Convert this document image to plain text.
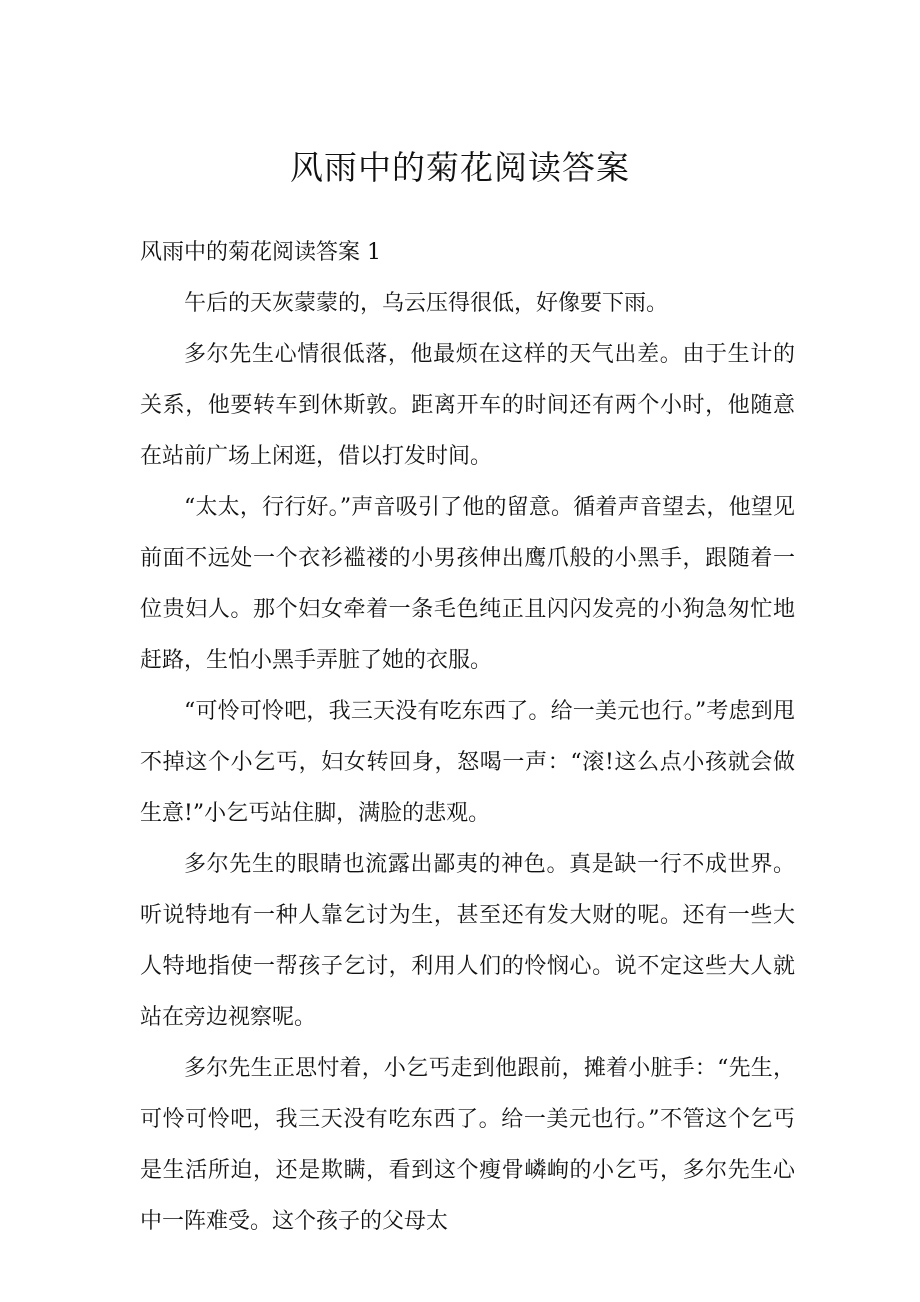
风雨中的菊花阅读答案

风雨中的菊花阅读答案 1

午后的天灰蒙蒙的，乌云压得很低，好像要下雨。

多尔先生心情很低落，他最烦在这样的天气出差。由于生计的关系，他要转车到休斯敦。距离开车的时间还有两个小时，他随意在站前广场上闲逛，借以打发时间。

“太太，行行好。”声音吸引了他的留意。循着声音望去，他望见前面不远处一个衣衫褴褛的小男孩伸出鹰爪般的小黑手，跟随着一位贵妇人。那个妇女牵着一条毛色纯正且闪闪发亮的小狗急匆忙地赶路，生怕小黑手弄脏了她的衣服。

“可怜可怜吧，我三天没有吃东西了。给一美元也行。”考虑到甩不掉这个小乞丐，妇女转回身，怒喝一声：“滚!这么点小孩就会做生意!”小乞丐站住脚，满脸的悲观。

多尔先生的眼睛也流露出鄙夷的神色。真是缺一行不成世界。听说特地有一种人靠乞讨为生，甚至还有发大财的呢。还有一些大人特地指使一帮孩子乞讨，利用人们的怜悯心。说不定这些大人就站在旁边视察呢。

多尔先生正思忖着，小乞丐走到他跟前，摊着小脏手：“先生，可怜可怜吧，我三天没有吃东西了。给一美元也行。”不管这个乞丐是生活所迫，还是欺瞒，看到这个瘦骨嶙峋的小乞丐，多尔先生心中一阵难受。这个孩子的父母太
